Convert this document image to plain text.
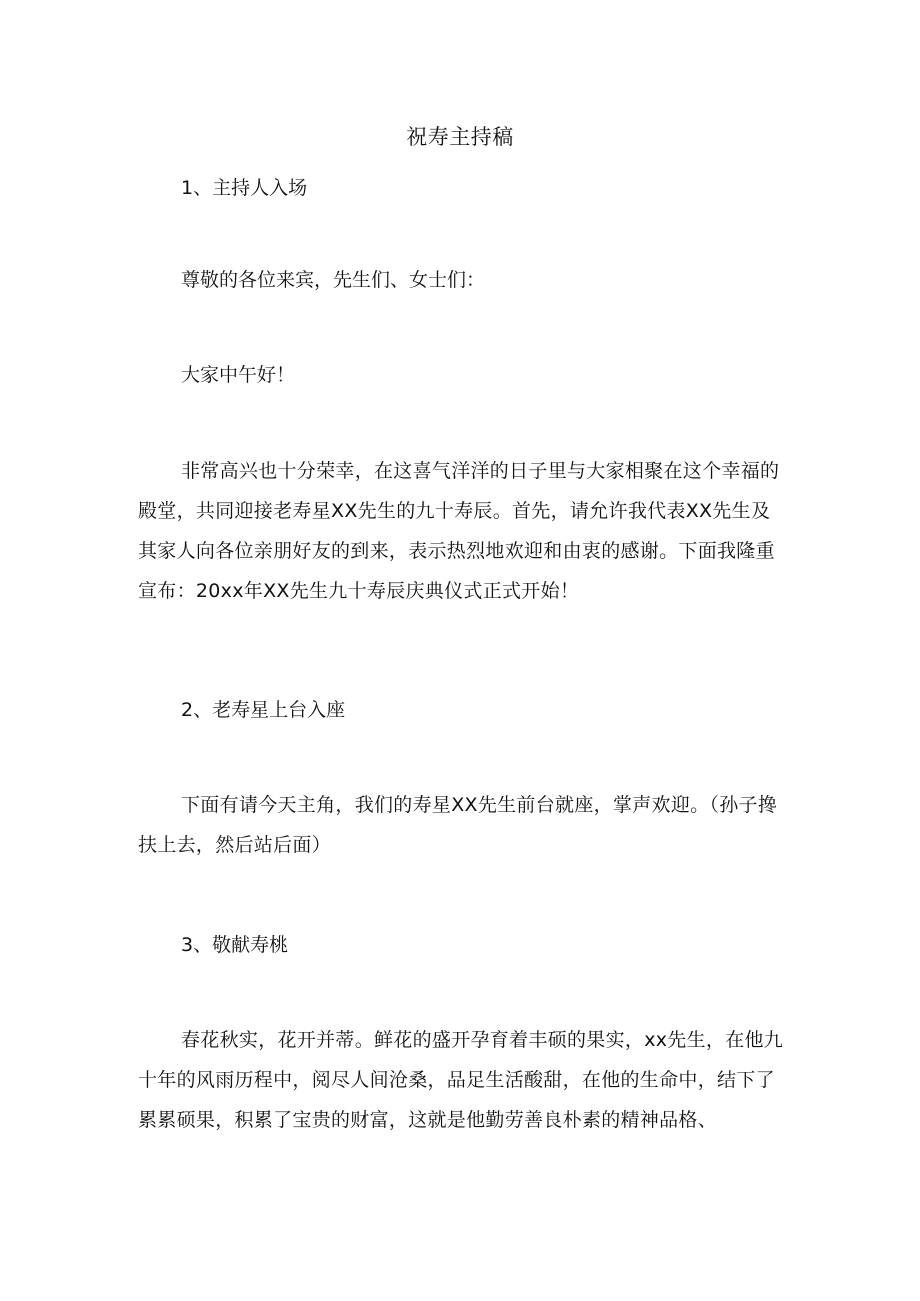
祝寿主持稿
1、主持人入场
尊敬的各位来宾，先生们、女士们：
大家中午好！
非常高兴也十分荣幸，在这喜气洋洋的日子里与大家相聚在这个幸福的殿堂，共同迎接老寿星XX先生的九十寿辰。首先，请允许我代表XX先生及其家人向各位亲朋好友的到来，表示热烈地欢迎和由衷的感谢。下面我隆重宣布：20xx年XX先生九十寿辰庆典仪式正式开始！
2、老寿星上台入座
下面有请今天主角，我们的寿星XX先生前台就座，掌声欢迎。（孙子搀扶上去，然后站后面）
3、敬献寿桃
春花秋实，花开并蒂。鲜花的盛开孕育着丰硕的果实，xx先生，在他九十年的风雨历程中，阅尽人间沧桑，品足生活酸甜，在他的生命中，结下了累累硕果，积累了宝贵的财富，这就是他勤劳善良朴素的精神品格、
